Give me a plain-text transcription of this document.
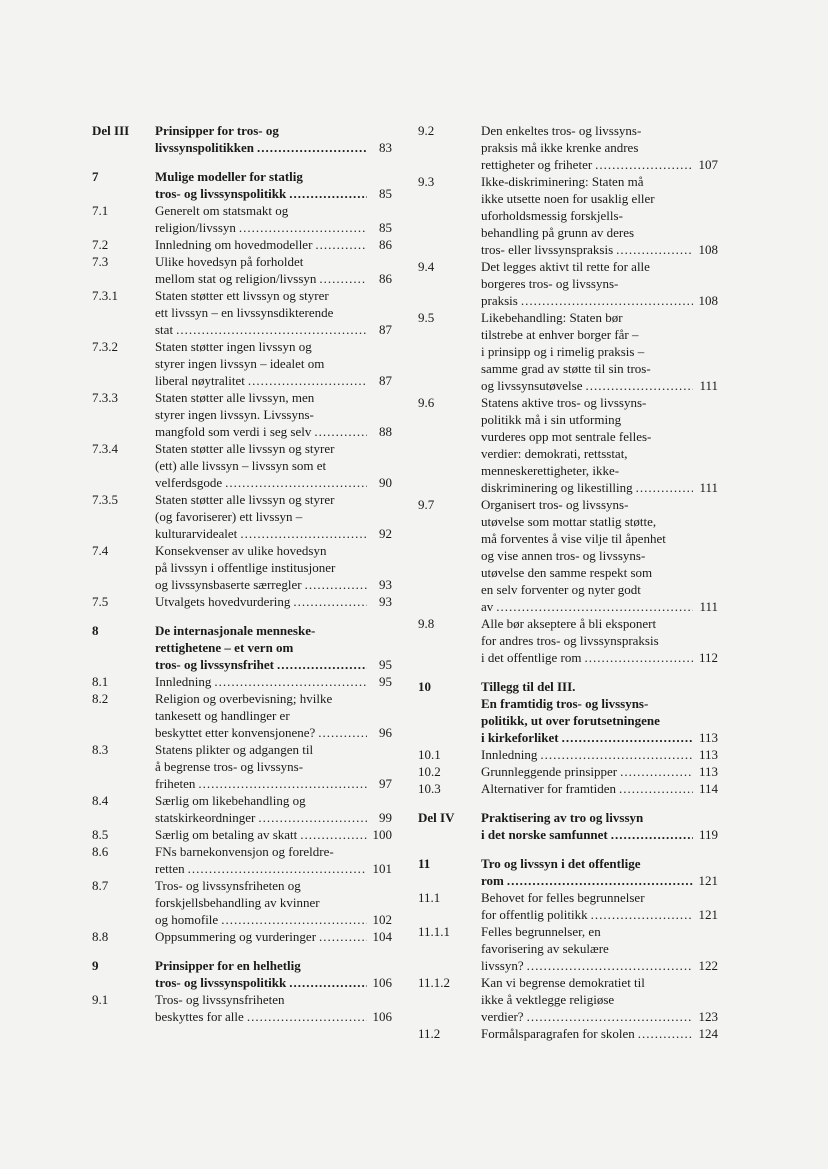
Del III	Prinsipper for tros- og
livssynspolitikken .....	83
7	Mulige modeller for statlig
tros- og livssynspolitikk .....	85
7.1	Generelt om statsmakt og
religion/livssyn .....	85
7.2	Innledning om hovedmodeller .....	86
7.3	Ulike hovedsyn på forholdet
mellom stat og religion/livssyn .....	86
7.3.1	Staten støtter ett livssyn og styrer
ett livssyn – en livssynsdikterende
stat .....	87
7.3.2	Staten støtter ingen livssyn og
styrer ingen livssyn – idealet om
liberal nøytralitet .....	87
7.3.3	Staten støtter alle livssyn, men
styrer ingen livssyn. Livssyns-
mangfold som verdi i seg selv .....	88
7.3.4	Staten støtter alle livssyn og styrer
(ett) alle livssyn – livssyn som et
velferdsgode .....	90
7.3.5	Staten støtter alle livssyn og styrer
(og favoriserer) ett livssyn –
kulturarvidealet .....	92
7.4	Konsekvenser av ulike hovedsyn
på livssyn i offentlige institusjoner
og livssynsbaserte særregler .....	93
7.5	Utvalgets hovedvurdering .....	93
8	De internasjonale menneske-
rettighetene – et vern om
tros- og livssynsfrihet .....	95
8.1	Innledning .....	95
8.2	Religion og overbevisning; hvilke
tankesett og handlinger er
beskyttet etter konvensjonene? .....	96
8.3	Statens plikter og adgangen til
å begrense tros- og livssyns-
friheten .....	97
8.4	Særlig om likebehandling og
statskirkeordninger .....	99
8.5	Særlig om betaling av skatt .....	100
8.6	FNs barnekonvensjon og foreldre-
retten .....	101
8.7	Tros- og livssynsfriheten og
forskjellsbehandling av kvinner
og homofile .....	102
8.8	Oppsummering og vurderinger .....	104
9	Prinsipper for en helhetlig
tros- og livssynspolitikk .....	106
9.1	Tros- og livssynsfriheten
beskyttes for alle .....	106
9.2	Den enkeltes tros- og livssyns-
praksis må ikke krenke andres
rettigheter og friheter .....	107
9.3	Ikke-diskriminering: Staten må
ikke utsette noen for usaklig eller
uforholdsmessig forskjells-
behandling på grunn av deres
tros- eller livssynspraksis .....	108
9.4	Det legges aktivt til rette for alle
borgeres tros- og livssyns-
praksis .....	108
9.5	Likebehandling: Staten bør
tilstrebe at enhver borger får –
i prinsipp og i rimelig praksis –
samme grad av støtte til sin tros-
og livssynsutøvelse .....	111
9.6	Statens aktive tros- og livssyns-
politikk må i sin utforming
vurderes opp mot sentrale felles-
verdier: demokrati, rettsstat,
menneskerettigheter, ikke-
diskriminering og likestilling .....	111
9.7	Organisert tros- og livssyns-
utøvelse som mottar statlig støtte,
må forventes å vise vilje til åpenhet
og vise annen tros- og livssyns-
utøvelse den samme respekt som
en selv forventer og nyter godt
av .....	111
9.8	Alle bør akseptere å bli eksponert
for andres tros- og livssynspraksis
i det offentlige rom .....	112
10	Tillegg til del III.
En framtidig tros- og livssyns-
politikk, ut over forutsetningene
i kirkeforliket .....	113
10.1	Innledning .....	113
10.2	Grunnleggende prinsipper .....	113
10.3	Alternativer for framtiden .....	114
Del IV	Praktisering av tro og livssyn
i det norske samfunnet .....	119
11	Tro og livssyn i det offentlige
rom .....	121
11.1	Behovet for felles begrunnelser
for offentlig politikk .....	121
11.1.1	Felles begrunnelser, en
favorisering av sekulære
livssyn? .....	122
11.1.2	Kan vi begrense demokratiet til
ikke å vektlegge religiøse
verdier? .....	123
11.2	Formålsparagrafen for skolen .....	124
